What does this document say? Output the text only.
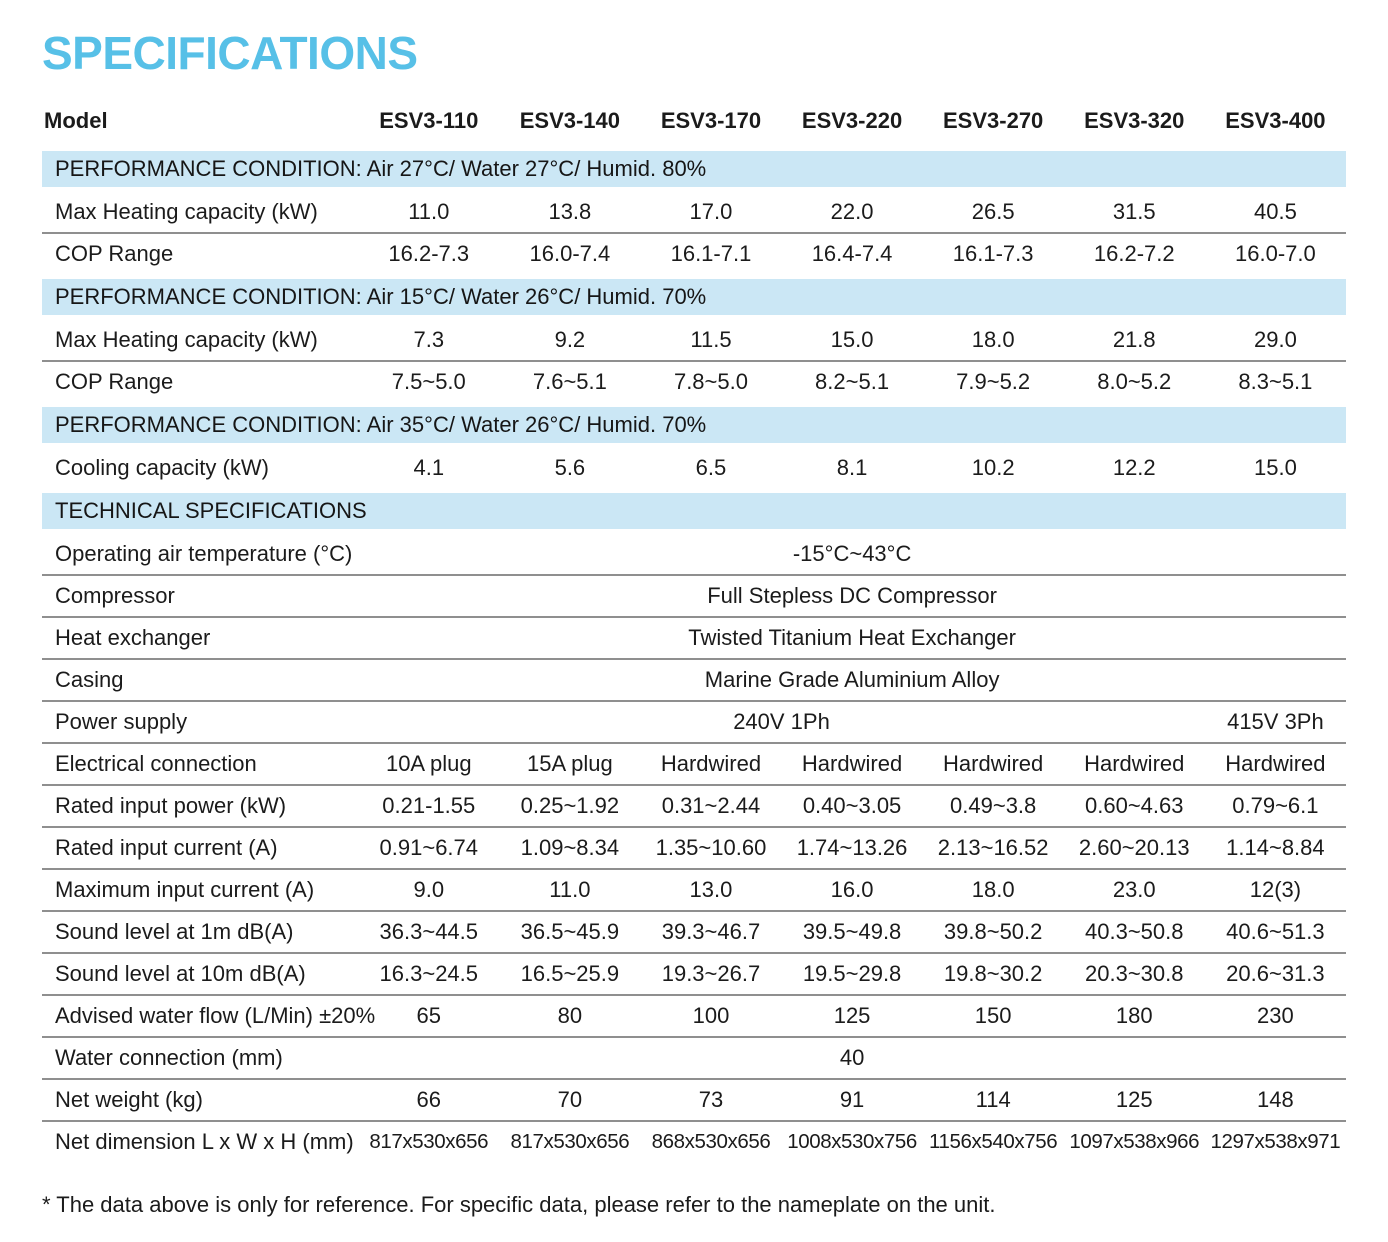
SPECIFICATIONS
Model	ESV3-110	ESV3-140	ESV3-170	ESV3-220	ESV3-270	ESV3-320	ESV3-400
PERFORMANCE CONDITION: Air 27°C/ Water 27°C/ Humid. 80%							
Max Heating capacity (kW)	11.0	13.8	17.0	22.0	26.5	31.5	40.5
COP Range	16.2-7.3	16.0-7.4	16.1-7.1	16.4-7.4	16.1-7.3	16.2-7.2	16.0-7.0
PERFORMANCE CONDITION: Air 15°C/ Water 26°C/ Humid. 70%							
Max Heating capacity (kW)	7.3	9.2	11.5	15.0	18.0	21.8	29.0
COP Range	7.5~5.0	7.6~5.1	7.8~5.0	8.2~5.1	7.9~5.2	8.0~5.2	8.3~5.1
PERFORMANCE CONDITION: Air 35°C/ Water 26°C/ Humid. 70%							
Cooling capacity (kW)	4.1	5.6	6.5	8.1	10.2	12.2	15.0
TECHNICAL SPECIFICATIONS							
Operating air temperature (°C)	-15°C~43°C						
Compressor	Full Stepless DC Compressor						
Heat exchanger	Twisted Titanium Heat Exchanger						
Casing	Marine Grade Aluminium Alloy						
Power supply	240V 1Ph						415V 3Ph
Electrical connection	10A plug	15A plug	Hardwired	Hardwired	Hardwired	Hardwired	Hardwired
Rated input power (kW)	0.21-1.55	0.25~1.92	0.31~2.44	0.40~3.05	0.49~3.8	0.60~4.63	0.79~6.1
Rated input current (A)	0.91~6.74	1.09~8.34	1.35~10.60	1.74~13.26	2.13~16.52	2.60~20.13	1.14~8.84
Maximum input current (A)	9.0	11.0	13.0	16.0	18.0	23.0	12(3)
Sound level at 1m dB(A)	36.3~44.5	36.5~45.9	39.3~46.7	39.5~49.8	39.8~50.2	40.3~50.8	40.6~51.3
Sound level at 10m dB(A)	16.3~24.5	16.5~25.9	19.3~26.7	19.5~29.8	19.8~30.2	20.3~30.8	20.6~31.3
Advised water flow (L/Min) ±20%	65	80	100	125	150	180	230
Water connection (mm)	40						
Net weight (kg)	66	70	73	91	114	125	148
Net dimension L x W x H (mm)	817x530x656	817x530x656	868x530x656	1008x530x756	1156x540x756	1097x538x966	1297x538x971
* The data above is only for reference. For specific data, please refer to the nameplate on the unit.
